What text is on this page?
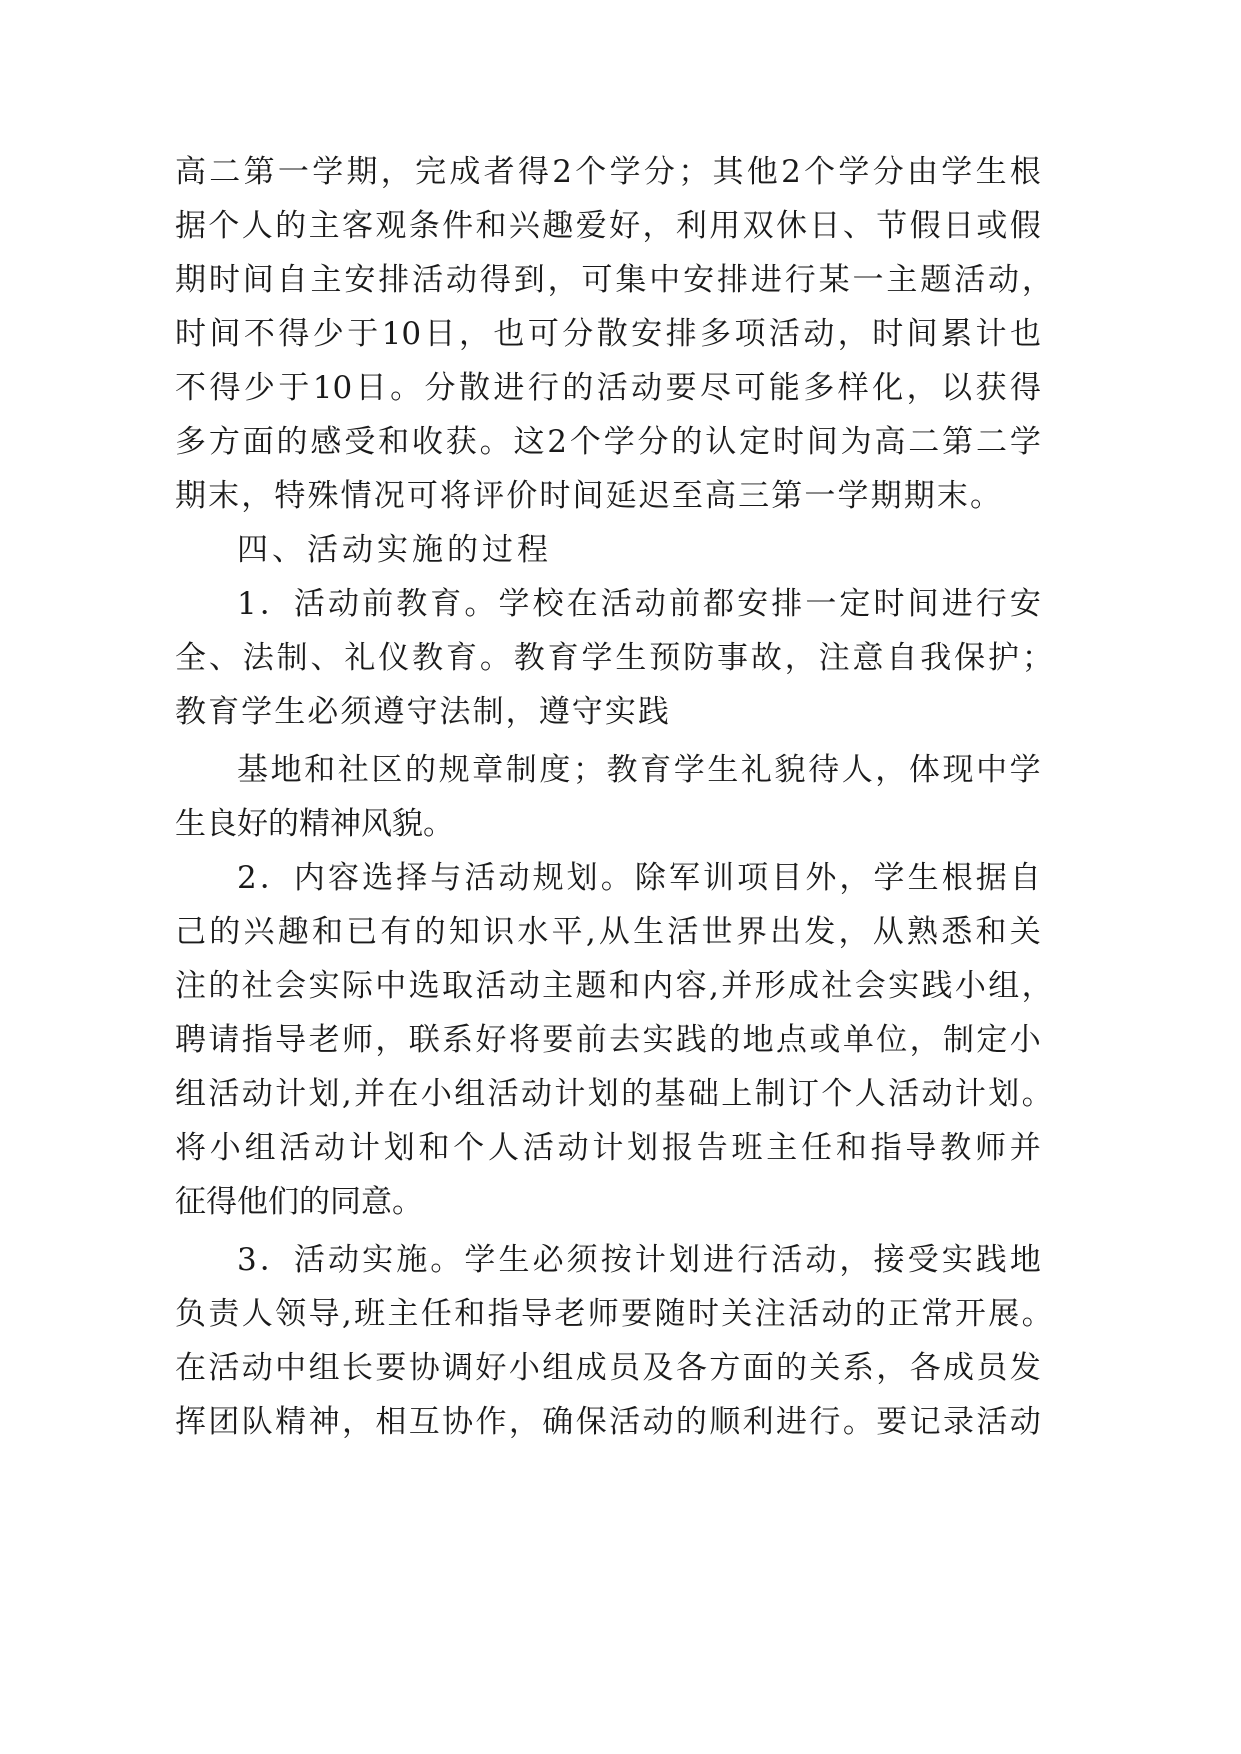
高 二 第 一 学 期 ， 完 成 者 得 2 个 学 分 ； 其 他 2 个 学 分 由 学 生 根
据 个 人 的 主 客 观 条 件 和 兴 趣 爱 好 ， 利 用 双 休 日 、 节 假 日 或 假
期 时 间 自 主 安 排 活 动 得 到 ， 可 集 中 安 排 进 行 某 一 主 题 活 动 ，
时 间 不 得 少 于 10 日 ， 也 可 分 散 安 排 多 项 活 动 ， 时 间 累 计 也
不 得 少 于 10 日 。 分 散 进 行 的 活 动 要 尽 可 能 多 样 化 ， 以 获 得
多 方 面 的 感 受 和 收 获 。 这 2 个 学 分 的 认 定 时 间 为 高 二 第 二 学
期 末 ， 特 殊 情 况 可 将 评 价 时 间 延 迟 至 高 三 第 一 学 期 期 末 。
四、活动实施的过程
1 ． 活 动 前 教 育 。 学 校 在 活 动 前 都 安 排 一 定 时 间 进 行 安
全 、 法 制 、 礼 仪 教 育 。 教 育 学 生 预 防 事 故 ， 注 意 自 我 保 护 ；
教 育 学 生 必 须 遵 守 法 制 ， 遵 守 实 践
基 地 和 社 区 的 规 章 制 度 ； 教 育 学 生 礼 貌 待 人 ， 体 现 中 学
生 良 好 的 精 神 风 貌 。
2 ． 内 容 选 择 与 活 动 规 划 。 除 军 训 项 目 外 ， 学 生 根 据 自
己 的 兴 趣 和 已 有 的 知 识 水 平 , 从 生 活 世 界 出 发 ， 从 熟 悉 和 关
注 的 社 会 实 际 中 选 取 活 动 主 题 和 内 容 , 并 形 成 社 会 实 践 小 组 ，
聘 请 指 导 老 师 ， 联 系 好 将 要 前 去 实 践 的 地 点 或 单 位 ， 制 定 小
组 活 动 计 划 , 并 在 小 组 活 动 计 划 的 基 础 上 制 订 个 人 活 动 计 划 。
将 小 组 活 动 计 划 和 个 人 活 动 计 划 报 告 班 主 任 和 指 导 教 师 并
征 得 他 们 的 同 意 。
3 ． 活 动 实 施 。 学 生 必 须 按 计 划 进 行 活 动 ， 接 受 实 践 地
负 责 人 领 导 , 班 主 任 和 指 导 老 师 要 随 时 关 注 活 动 的 正 常 开 展 。
在 活 动 中 组 长 要 协 调 好 小 组 成 员 及 各 方 面 的 关 系 ， 各 成 员 发
挥 团 队 精 神 ， 相 互 协 作 ， 确 保 活 动 的 顺 利 进 行 。 要 记 录 活 动
